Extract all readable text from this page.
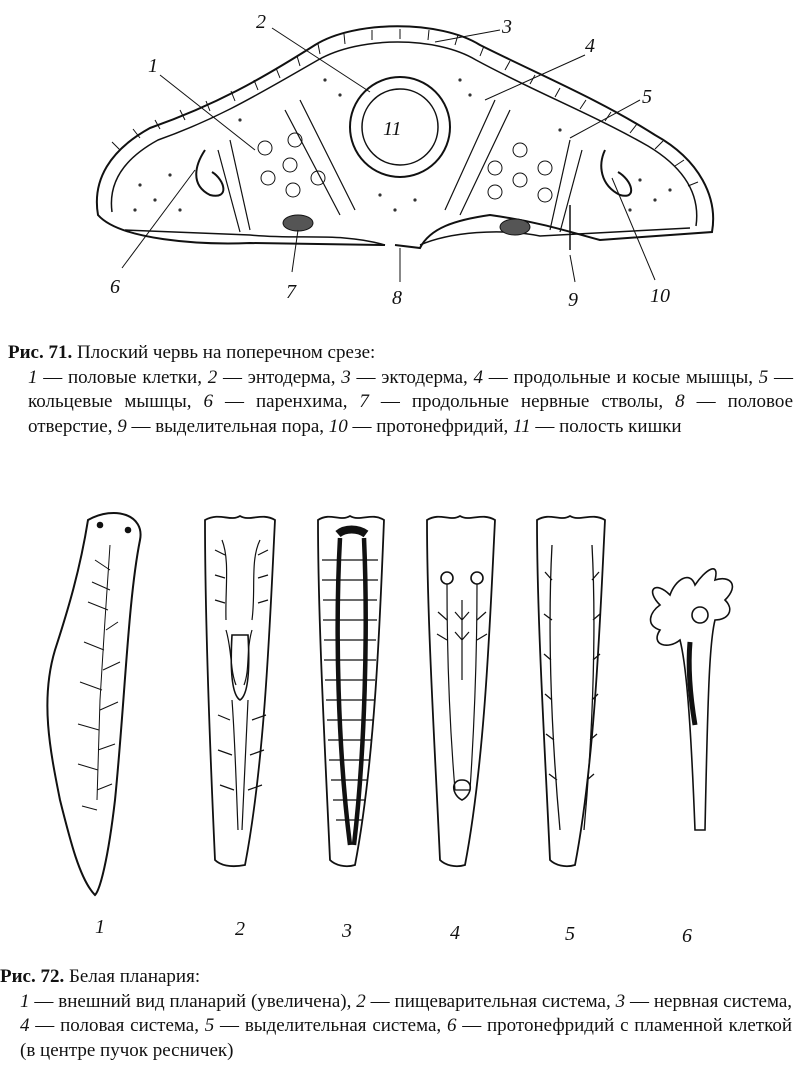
1
2	3
4
5
6	7	8	9	10
11
Рис. 71. Плоский червь на поперечном срезе:
1 — половые клетки, 2 — энтодерма, 3 — эктодерма, 4 — продольные и косые мышцы, 5 — кольцевые мышцы, 6 — паренхима, 7 — продольные нервные стволы, 8 — половое отверстие, 9 — выделительная пора, 10 — протонефридий, 11 — полость кишки
1	2	3	4	5	6
Рис. 72. Белая планария:
1 — внешний вид планарий (увеличена), 2 — пищеварительная система, 3 — нервная система, 4 — половая система, 5 — выделительная система, 6 — протонефридий с пламенной клеткой (в центре пучок ресничек)
